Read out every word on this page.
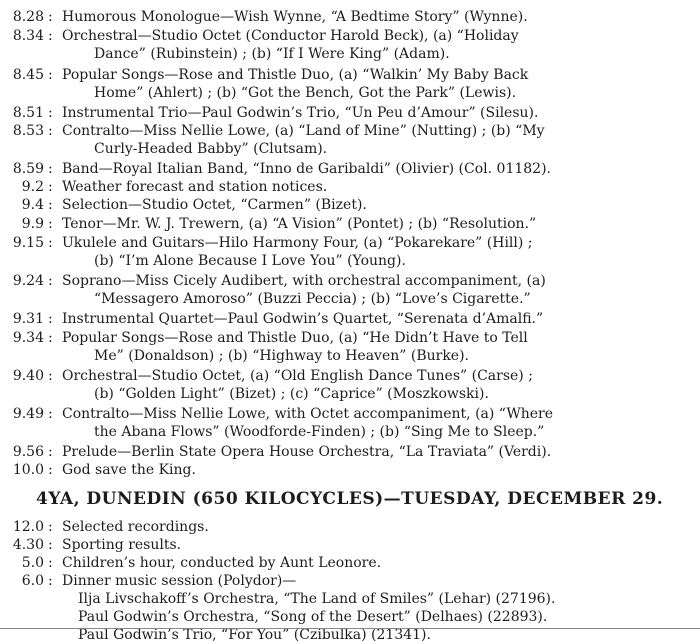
8.28 : Humorous Monologue—Wish Wynne, “A Bedtime Story” (Wynne).
8.34 : Orchestral—Studio Octet (Conductor Harold Beck), (a) “Holiday
Dance” (Rubinstein) ; (b) “If I Were King” (Adam).
8.45 : Popular Songs—Rose and Thistle Duo, (a) “Walkin’ My Baby Back
Home” (Ahlert) ; (b) “Got the Bench, Got the Park” (Lewis).
8.51 : Instrumental Trio—Paul Godwin’s Trio, “Un Peu d’Amour” (Silesu).
8.53 : Contralto—Miss Nellie Lowe, (a) “Land of Mine” (Nutting) ; (b) “My
Curly-Headed Babby” (Clutsam).
8.59 : Band—Royal Italian Band, “Inno de Garibaldi” (Olivier) (Col. 01182).
9.2 : Weather forecast and station notices.
9.4 : Selection—Studio Octet, “Carmen” (Bizet).
9.9 : Tenor—Mr. W. J. Trewern, (a) “A Vision” (Pontet) ; (b) “Resolution.”
9.15 : Ukulele and Guitars—Hilo Harmony Four, (a) “Pokarekare” (Hill) ;
(b) “I’m Alone Because I Love You” (Young).
9.24 : Soprano—Miss Cicely Audibert, with orchestral accompaniment, (a)
“Messagero Amoroso” (Buzzi Peccia) ; (b) “Love’s Cigarette.”
9.31 : Instrumental Quartet—Paul Godwin’s Quartet, “Serenata d’Amalfi.”
9.34 : Popular Songs—Rose and Thistle Duo, (a) “He Didn’t Have to Tell
Me” (Donaldson) ; (b) “Highway to Heaven” (Burke).
9.40 : Orchestral—Studio Octet, (a) “Old English Dance Tunes” (Carse) ;
(b) “Golden Light” (Bizet) ; (c) “Caprice” (Moszkowski).
9.49 : Contralto—Miss Nellie Lowe, with Octet accompaniment, (a) “Where
the Abana Flows” (Woodforde-Finden) ; (b) “Sing Me to Sleep.”
9.56 : Prelude—Berlin State Opera House Orchestra, “La Traviata” (Verdi).
10.0 : God save the King.
4YA, DUNEDIN (650 KILOCYCLES)—TUESDAY, DECEMBER 29.
12.0 : Selected recordings.
4.30 : Sporting results.
5.0 : Children’s hour, conducted by Aunt Leonore.
6.0 : Dinner music session (Polydor)—
Ilja Livschakoff’s Orchestra, “The Land of Smiles” (Lehar) (27196).
Paul Godwin’s Orchestra, “Song of the Desert” (Delhaes) (22893).
Paul Godwin’s Trio, “For You” (Czibulka) (21341).
